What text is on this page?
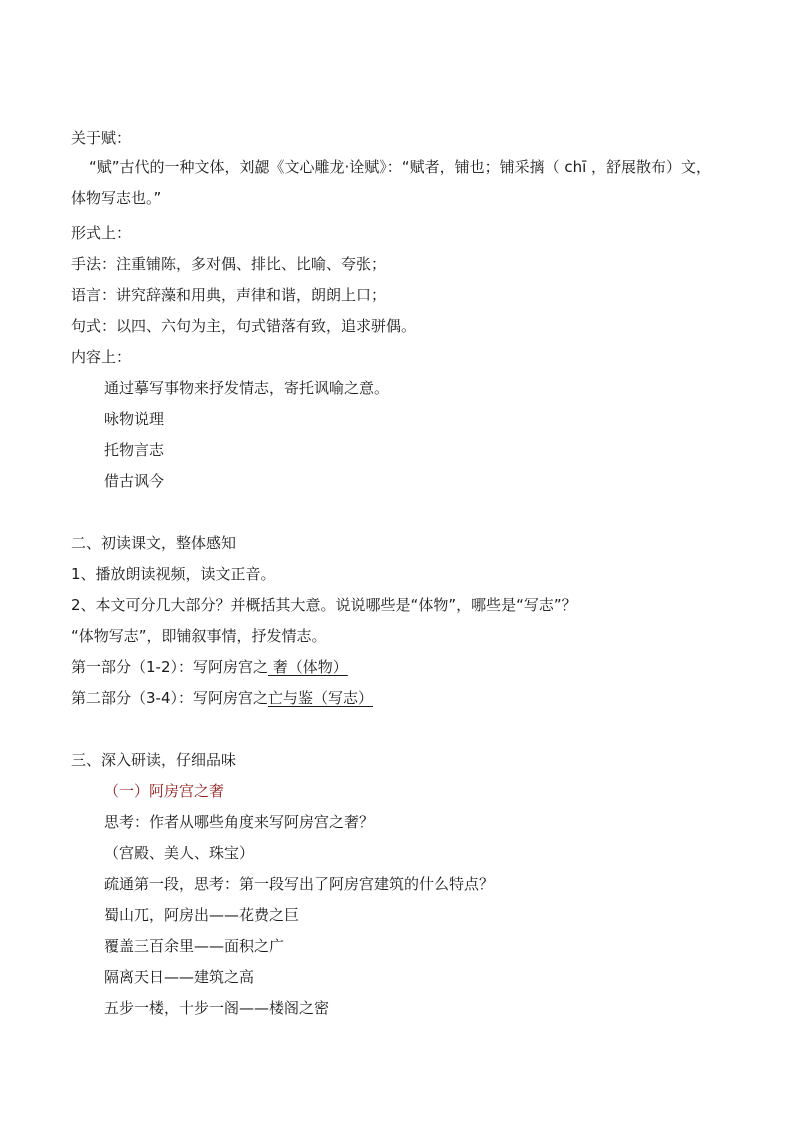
关于赋：
“赋”古代的一种文体，刘勰《文心雕龙·诠赋》：“赋者，铺也；铺采摛（ chī ，舒展散布）文，体物写志也。”
形式上：
手法：注重铺陈，多对偶、排比、比喻、夸张；
语言：讲究辞藻和用典，声律和谐，朗朗上口；
句式：以四、六句为主，句式错落有致，追求骈偶。
内容上：
通过摹写事物来抒发情志，寄托讽喻之意。
咏物说理
托物言志
借古讽今
二、初读课文，整体感知
1、播放朗读视频，读文正音。
2、本文可分几大部分？并概括其大意。说说哪些是“体物”，哪些是“写志”？
“体物写志”，即铺叙事情，抒发情志。
第一部分（1-2）：写阿房宫之 奢（体物）
第二部分（3-4）：写阿房宫之亡与鉴（写志）
三、深入研读，仔细品味
（一）阿房宫之奢
思考：作者从哪些角度来写阿房宫之奢？
（宫殿、美人、珠宝）
疏通第一段，思考：第一段写出了阿房宫建筑的什么特点？
蜀山兀，阿房出——花费之巨
覆盖三百余里——面积之广
隔离天日——建筑之高
五步一楼，十步一阁——楼阁之密
